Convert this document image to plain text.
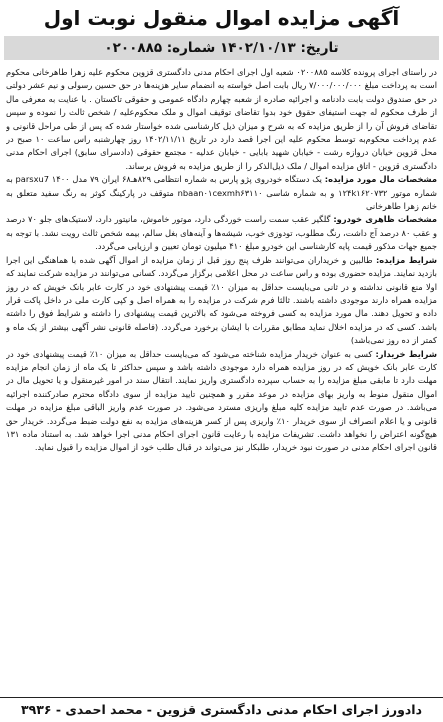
آگهی مزایده اموال منقول نوبت اول
تاریخ: ۱۴۰۲/۱۰/۱۳ شماره: ۰۲۰۰۸۸۵

در راستای اجرای پرونده کلاسه ۰۲۰۰۸۸۵ شعبه اول اجرای احکام مدنی دادگستری قزوین محکوم علیه زهرا طاهرخانی محکوم است به پرداخت مبلغ ۷/۰۰۰/۰۰۰/۰۰۰ ریال بابت اصل خواسته به انضمام سایر هزینه‌ها در حق حسین رسولی و نیم عشر دولتی در حق صندوق دولت بابت دادنامه و اجرائیه صادره از شعبه چهارم دادگاه عمومی و حقوقی تاکستان . با عنایت به معرفی مال از طرف محکوم له جهت استیفای حقوق خود بدوا تقاضای توقیف اموال و ملک محکوم‌علیه / شخص ثالث را نموده و سپس تقاضای فروش آن را از طریق مزایده که به شرح و میزان ذیل کارشناسی شده خواستار شده که پس از طی مراحل قانونی و عدم پرداخت محکوم‌به توسط محکوم علیه این اجرا قصد دارد در تاریخ ۱۴۰۲/۱۱/۱۱ روز چهارشنبه راس ساعت ۱۰ صبح در محل قزوین خیابان دروازه رشت - خیابان شهید بابایی - خیابان عدلیه - مجتمع حقوقی (دادسرای سابق) اجرای احکام مدنی دادگستری قزوین - اتاق مزایده اموال / ملک ذیل‌الذکر را از طریق مزایده به فروش برساند.

مشخصات مال مورد مزایده: یک دستگاه خودروی پژو پارس به شماره انتظامی ۸۲۹هـ۶۸ ایران ۷۹ مدل ۱۴۰۰ parsxu7 به شماره موتور ۱۲۴k۱۶۲۰۷۳۲ و به شماره شاسی nbaan۰۱cexmh۶۳۱۱۰ متوقف در پارکینگ کوثر به رنگ سفید متعلق به خانم زهرا طاهرخانی

مشخصات ظاهری خودرو: گلگیر عقب سمت راست خوردگی دارد، موتور خاموش، مانیتور دارد، لاستیک‌های جلو ۷۰ درصد و عقب ۸۰ درصد آج داشت، رنگ مطلوب، تودوزی خوب، شیشه‌ها و آینه‌های بغل سالم، بیمه شخص ثالث رویت نشد. با توجه به جمیع جهات مذکور قیمت پایه کارشناسی این خودرو مبلغ ۴۱۰ میلیون تومان تعیین و ارزیابی می‌گردد.

شرایط مزایده: طالبین و خریداران می‌توانند ظرف پنج روز قبل از زمان مزایده از اموال آگهی شده با هماهنگی این اجرا بازدید نمایند. مزایده حضوری بوده و راس ساعت در محل اعلامی برگزار می‌گردد. کسانی می‌توانند در مزایده شرکت نمایند که اولا منع قانونی نداشته و در ثانی می‌بایست حداقل به میزان ۱۰٪ قیمت پیشنهادی خود در کارت عابر بانک خویش که در روز مزایده همراه دارند موجودی داشته باشند. ثالثا فرم شرکت در مزایده را به همراه اصل و کپی کارت ملی در داخل پاکت قرار داده و تحویل دهند. مال مورد مزایده به کسی فروخته می‌شود که بالاترین قیمت پیشنهادی را داشته و شرایط فوق را داشته باشد. کسی که در مزایده اخلال نماید مطابق مقررات با ایشان برخورد می‌گردد. (فاصله قانونی نشر آگهی بیشتر از یک ماه و کمتر از ده روز نمی‌باشد)

شرایط خریدار: کسی به عنوان خریدار مزایده شناخته می‌شود که می‌بایست حداقل به میزان ۱۰٪ قیمت پیشنهادی خود در کارت عابر بانک خویش که در روز مزایده همراه دارد موجودی داشته باشد و سپس حداکثر تا یک ماه از زمان انجام مزایده مهلت دارد تا مابقی مبلغ مزایده را به حساب سپرده دادگستری واریز نمایند. انتقال سند در امور غیرمنقول و یا تحویل مال در اموال منقول منوط به واریز بهای مزایده در موعد مقرر و همچنین تایید مزایده از سوی دادگاه محترم صادرکننده اجرائیه می‌باشد. در صورت عدم تایید مزایده کلیه مبلغ واریزی مسترد می‌شود. در صورت عدم واریز الباقی مبلغ مزایده در مهلت قانونی و یا اعلام انصراف از سوی خریدار ۱۰٪ واریزی پس از کسر هزینه‌های مزایده به نفع دولت ضبط می‌گردد. خریدار حق هیچ‌گونه اعتراض را نخواهد داشت. تشریفات مزایده با رعایت قانون اجرای احکام مدنی اجرا خواهد شد. به استناد ماده ۱۳۱ قانون اجرای احکام مدنی در صورت نبود خریدار، طلبکار نیز می‌تواند در قبال طلب خود از اموال مزایده را قبول نماید.

دادورز اجرای احکام مدنی دادگستری قزوین - محمد احمدی - ۳۹۳۶
